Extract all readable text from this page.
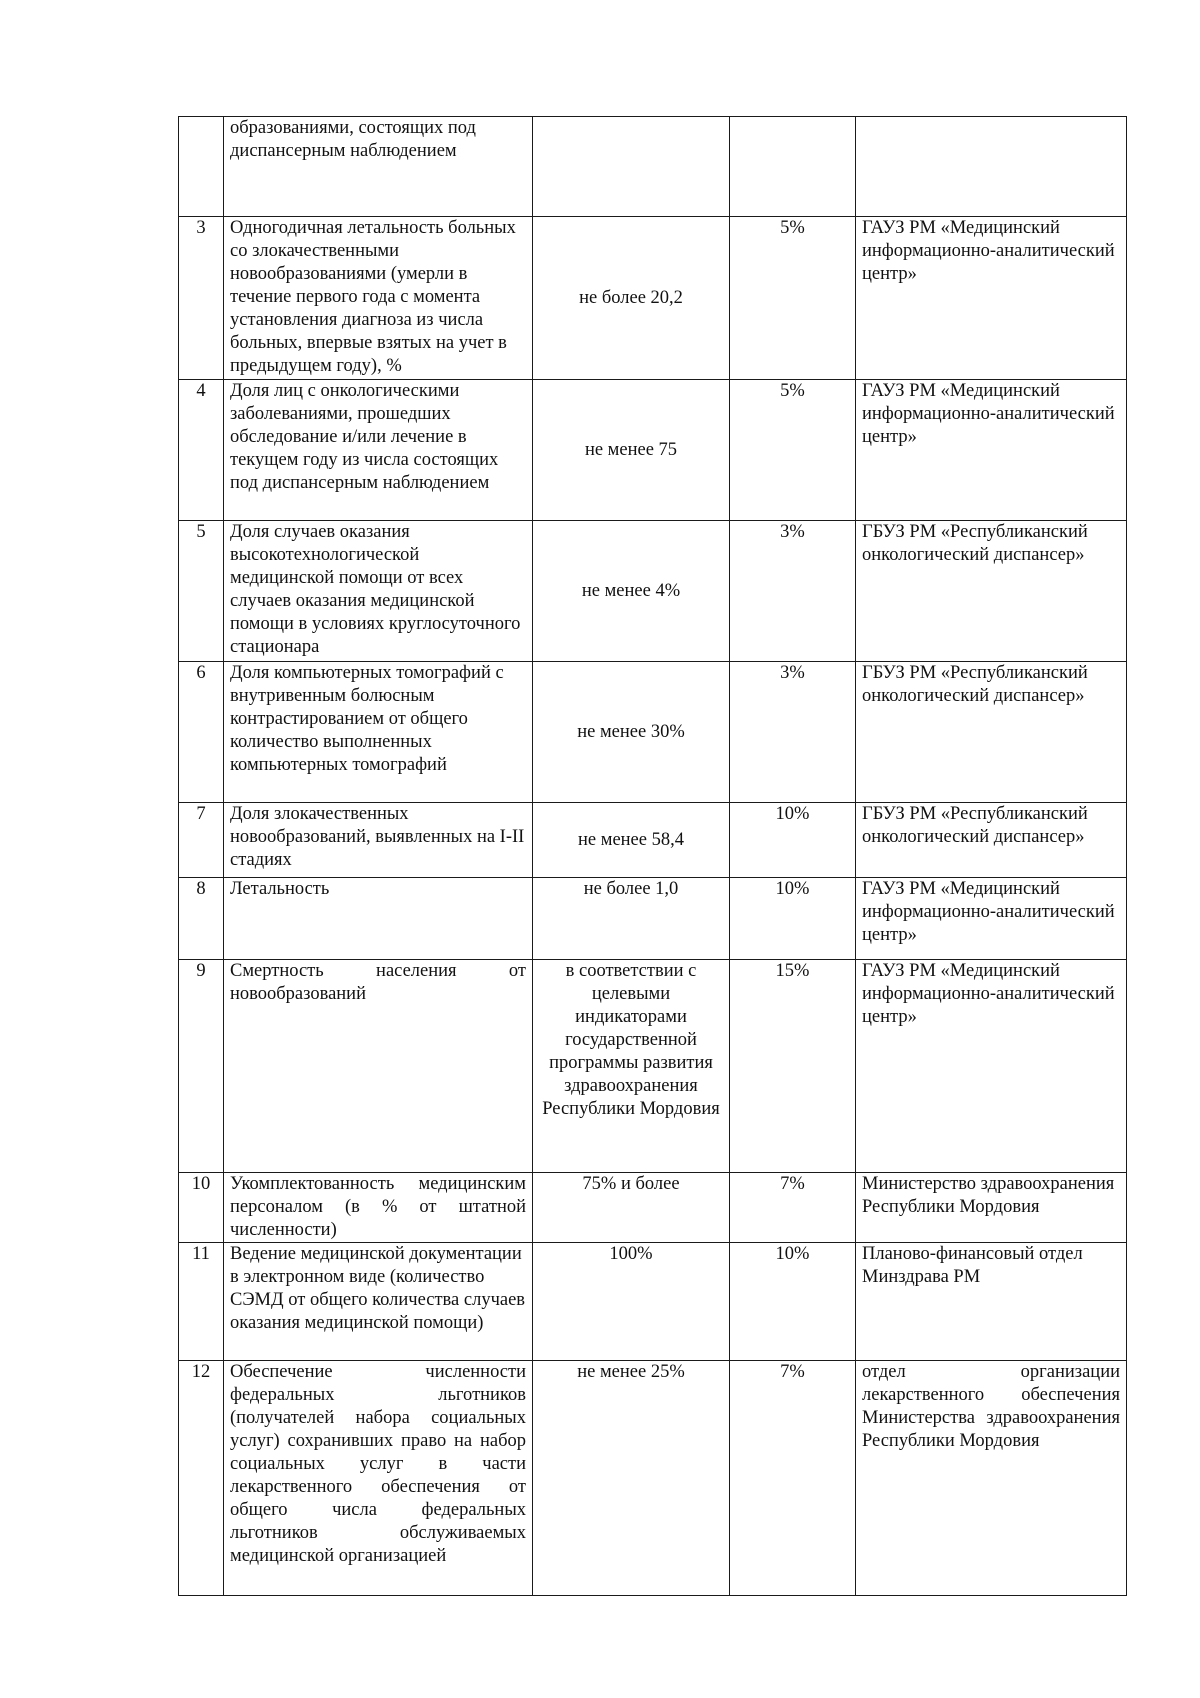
	образованиями, состоящих под диспансерным наблюдением			
3	Одногодичная летальность больных со злокачественными новообразованиями (умерли в течение первого года с момента установления диагноза из числа больных, впервые взятых на учет в предыдущем году), %	не более 20,2	5%	ГАУЗ РМ «Медицинский информационно-аналитический центр»
4	Доля лиц с онкологическими заболеваниями, прошедших обследование и/или лечение в текущем году из числа состоящих под диспансерным наблюдением	не менее 75	5%	ГАУЗ РМ «Медицинский информационно-аналитический центр»
5	Доля случаев оказания высокотехнологической медицинской помощи от всех случаев оказания медицинской помощи в условиях круглосуточного стационара	не менее 4%	3%	ГБУЗ РМ «Республиканский онкологический диспансер»
6	Доля компьютерных томографий с внутривенным болюсным контрастированием от общего количество выполненных компьютерных томографий	не менее 30%	3%	ГБУЗ РМ «Республиканский онкологический диспансер»
7	Доля злокачественных новообразований, выявленных на I-II стадиях	не менее 58,4	10%	ГБУЗ РМ «Республиканский онкологический диспансер»
8	Летальность	не более 1,0	10%	ГАУЗ РМ «Медицинский информационно-аналитический центр»
9	Смертность населения от новообразований	в соответствии с целевыми индикаторами государственной программы развития здравоохранения Республики Мордовия	15%	ГАУЗ РМ «Медицинский информационно-аналитический центр»
10	Укомплектованность медицинским персоналом (в % от штатной численности)	75% и более	7%	Министерство здравоохранения Республики Мордовия
11	Ведение медицинской документации в электронном виде (количество СЭМД от общего количества случаев оказания медицинской помощи)	100%	10%	Планово-финансовый отдел Минздрава РМ
12	Обеспечение численности федеральных льготников (получателей набора социальных услуг) сохранивших право на набор социальных услуг в части лекарственного обеспечения от общего числа федеральных льготников обслуживаемых медицинской организацией	не менее 25%	7%	отдел организации лекарственного обеспечения Министерства здравоохранения Республики Мордовия
